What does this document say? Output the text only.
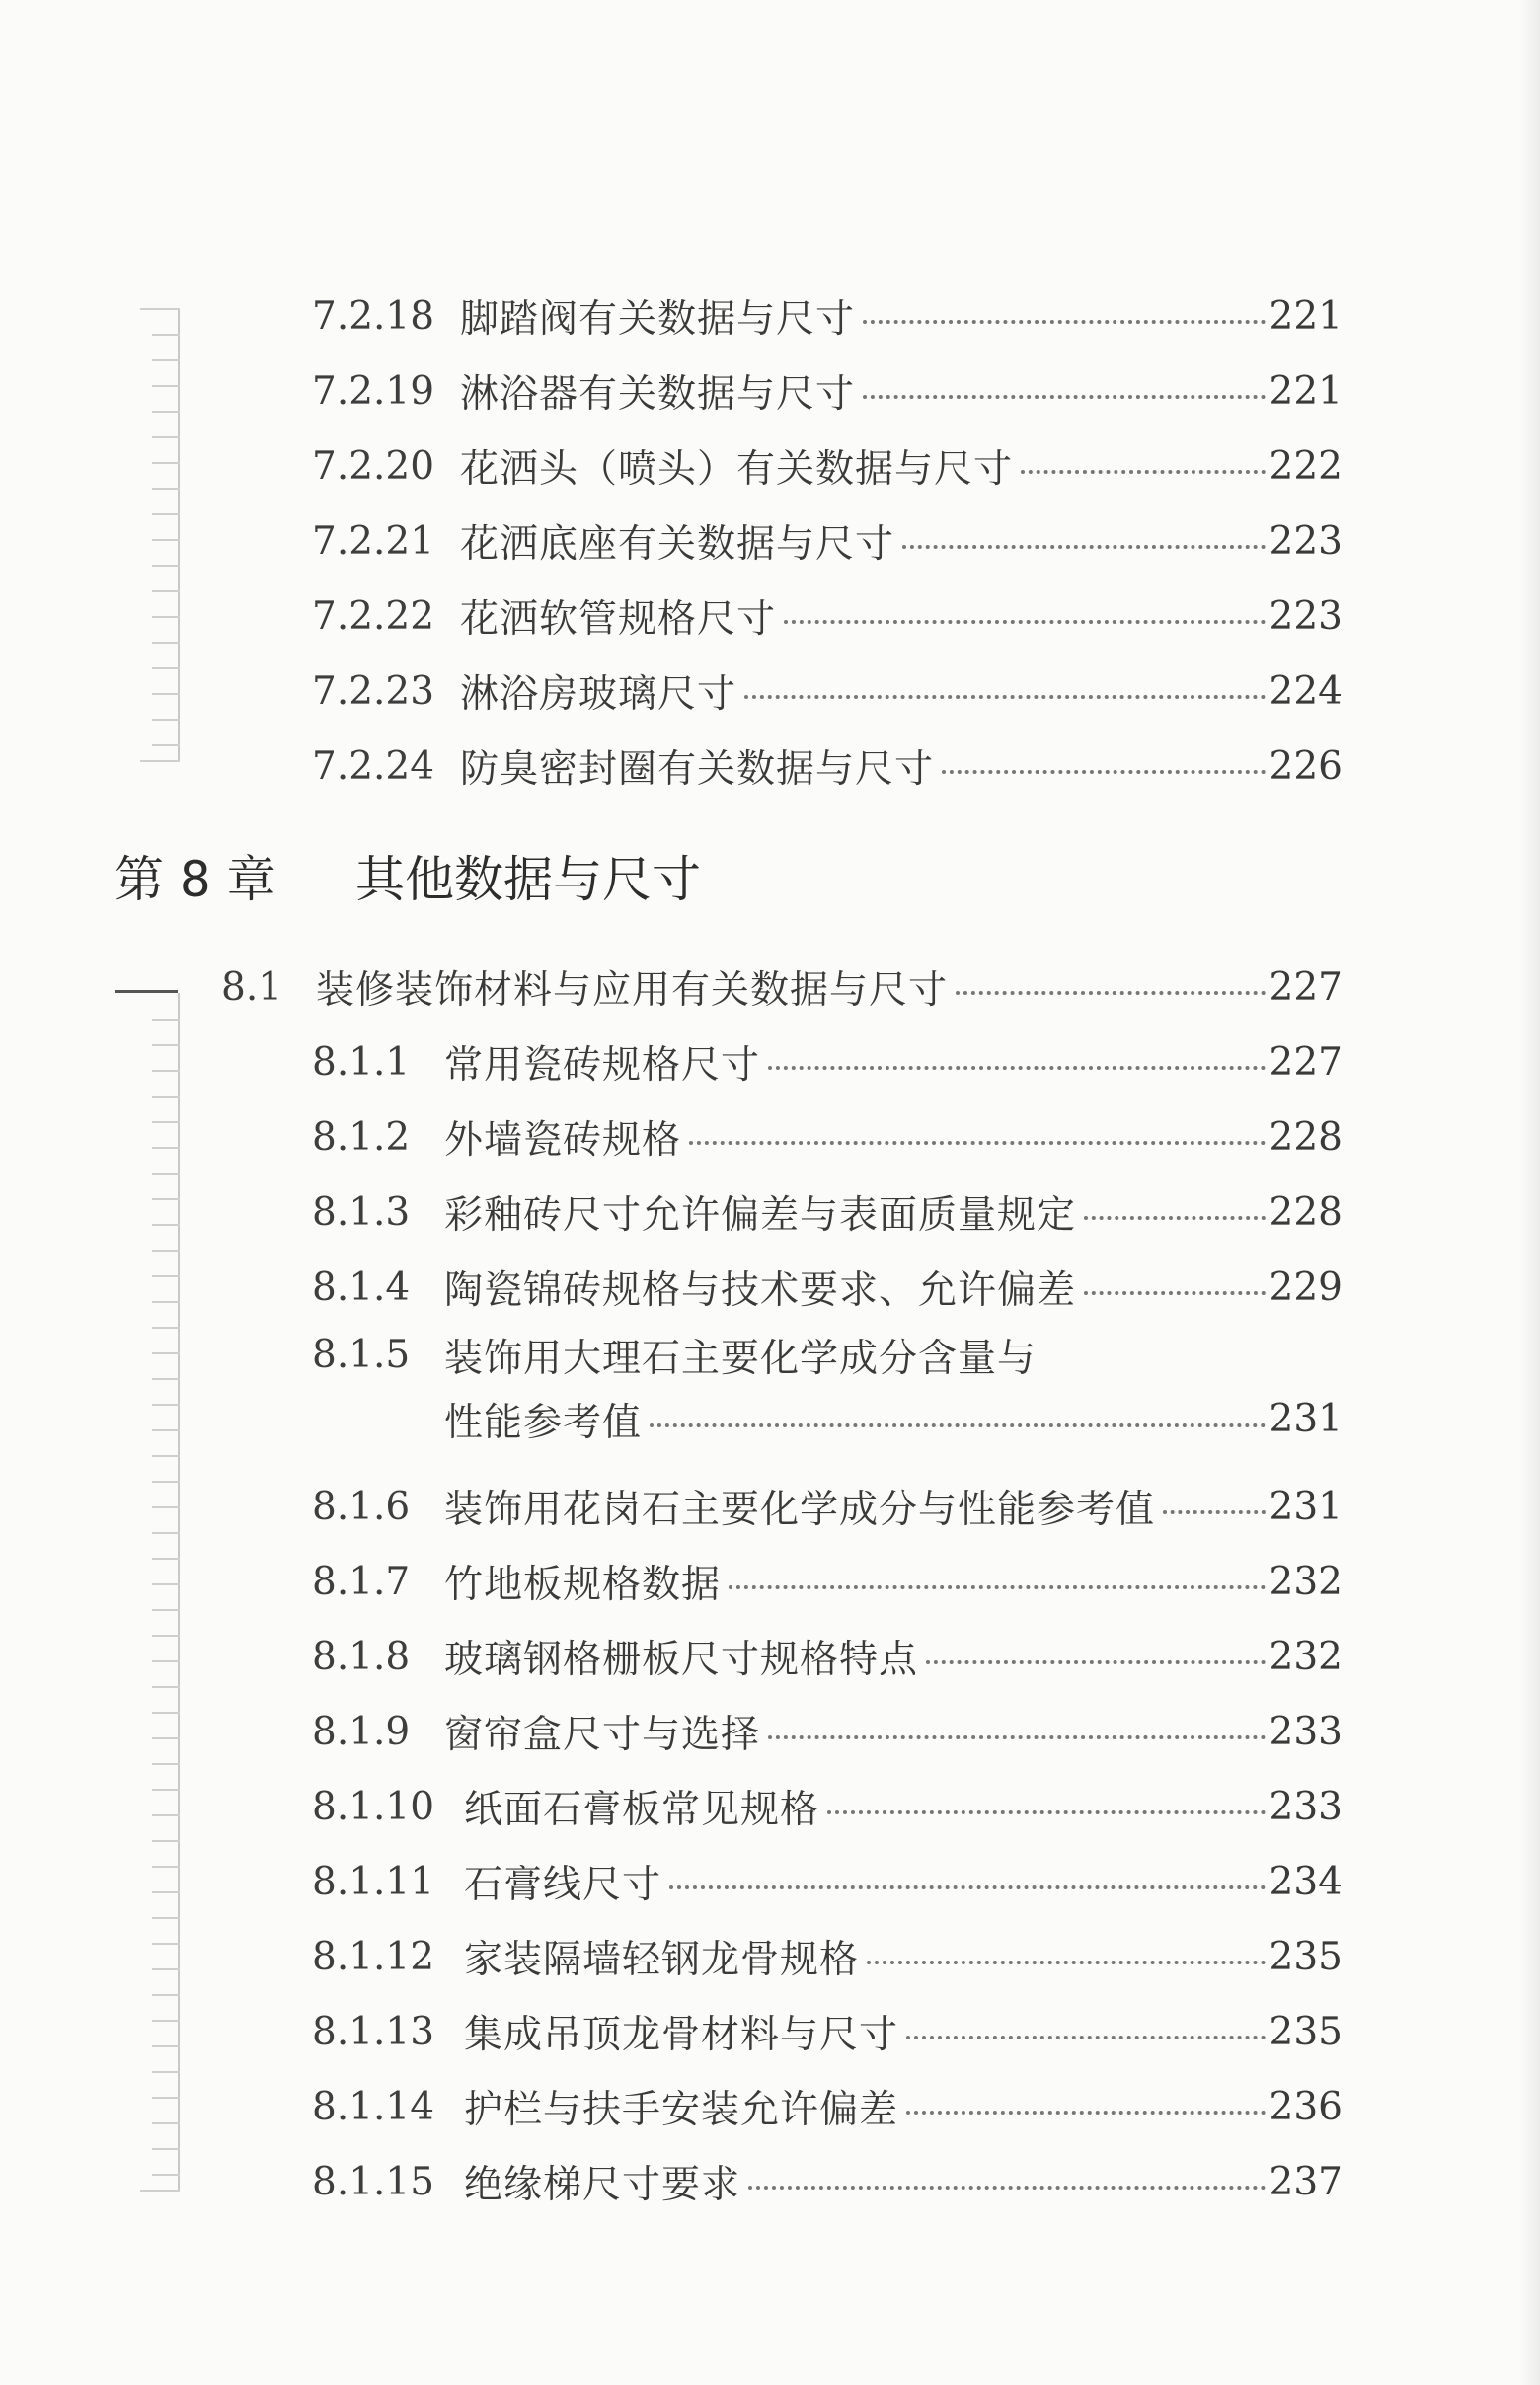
7.2.18 脚踏阀有关数据与尺寸	221
7.2.19 淋浴器有关数据与尺寸	221
7.2.20 花洒头（喷头）有关数据与尺寸	222
7.2.21 花洒底座有关数据与尺寸	223
7.2.22 花洒软管规格尺寸	223
7.2.23 淋浴房玻璃尺寸	224
7.2.24 防臭密封圈有关数据与尺寸	226
第 8 章	其他数据与尺寸
8.1 装修装饰材料与应用有关数据与尺寸	227
8.1.1 常用瓷砖规格尺寸	227
8.1.2 外墙瓷砖规格	228
8.1.3 彩釉砖尺寸允许偏差与表面质量规定	228
8.1.4 陶瓷锦砖规格与技术要求、允许偏差	229
8.1.5 装饰用大理石主要化学成分含量与
性能参考值	231
8.1.6 装饰用花岗石主要化学成分与性能参考值	231
8.1.7 竹地板规格数据	232
8.1.8 玻璃钢格栅板尺寸规格特点	232
8.1.9 窗帘盒尺寸与选择	233
8.1.10 纸面石膏板常见规格	233
8.1.11 石膏线尺寸	234
8.1.12 家装隔墙轻钢龙骨规格	235
8.1.13 集成吊顶龙骨材料与尺寸	235
8.1.14 护栏与扶手安装允许偏差	236
8.1.15 绝缘梯尺寸要求	237
